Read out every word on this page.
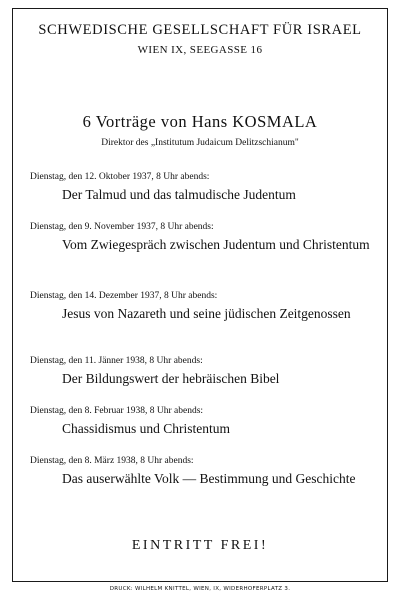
SCHWEDISCHE GESELLSCHAFT FÜR ISRAEL
WIEN IX, SEEGASSE 16
6 Vorträge von Hans KOSMALA
Direktor des „Institutum Judaicum Delitzschianum"
Dienstag, den 12. Oktober 1937, 8 Uhr abends:
Der Talmud und das talmudische Judentum
Dienstag, den 9. November 1937, 8 Uhr abends:
Vom Zwiegespräch zwischen Judentum und Christentum
Dienstag, den 14. Dezember 1937, 8 Uhr abends:
Jesus von Nazareth und seine jüdischen Zeitgenossen
Dienstag, den 11. Jänner 1938, 8 Uhr abends:
Der Bildungswert der hebräischen Bibel
Dienstag, den 8. Februar 1938, 8 Uhr abends:
Chassidismus und Christentum
Dienstag, den 8. März 1938, 8 Uhr abends:
Das auserwählte Volk — Bestimmung und Geschichte
EINTRITT FREI!
DRUCK: WILHELM KNITTEL, WIEN, IX, WIDERHOFERPLATZ 3.
